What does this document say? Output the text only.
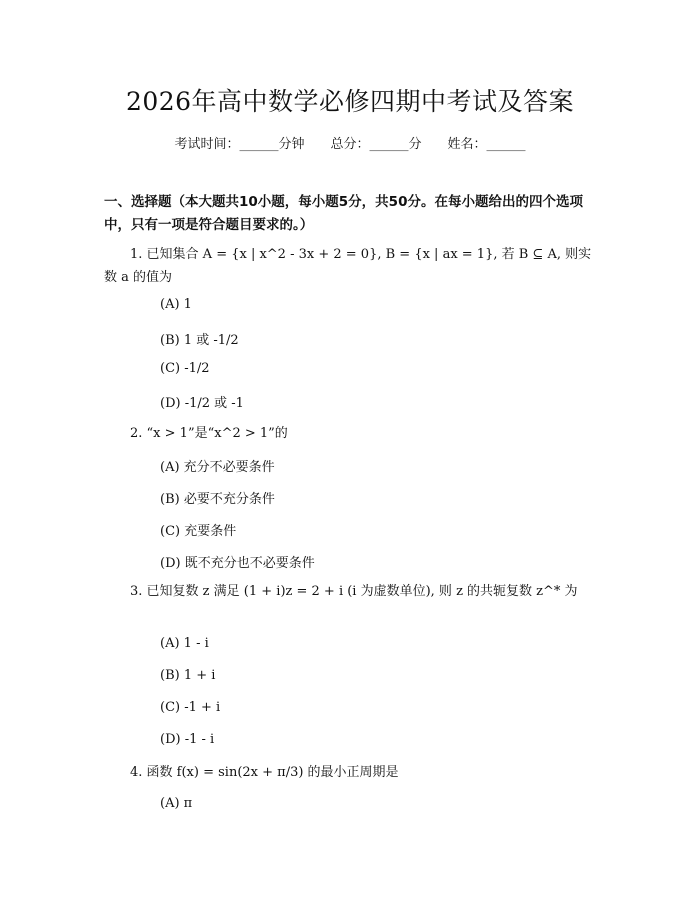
2026年高中数学必修四期中考试及答案
考试时间：______分钟 总分：______分 姓名：______
一、选择题（本大题共10小题，每小题5分，共50分。在每小题给出的四个选项中，只有一项是符合题目要求的。）
1. 已知集合 A = {x | x^2 - 3x + 2 = 0}, B = {x | ax = 1}, 若 B ⊆ A, 则实数 a 的值为
(A) 1
(B) 1 或 -1/2
(C) -1/2
(D) -1/2 或 -1
2. “x > 1”是“x^2 > 1”的
(A) 充分不必要条件
(B) 必要不充分条件
(C) 充要条件
(D) 既不充分也不必要条件
3. 已知复数 z 满足 (1 + i)z = 2 + i (i 为虚数单位), 则 z 的共轭复数 z^* 为
(A) 1 - i
(B) 1 + i
(C) -1 + i
(D) -1 - i
4. 函数 f(x) = sin(2x + π/3) 的最小正周期是
(A) π
